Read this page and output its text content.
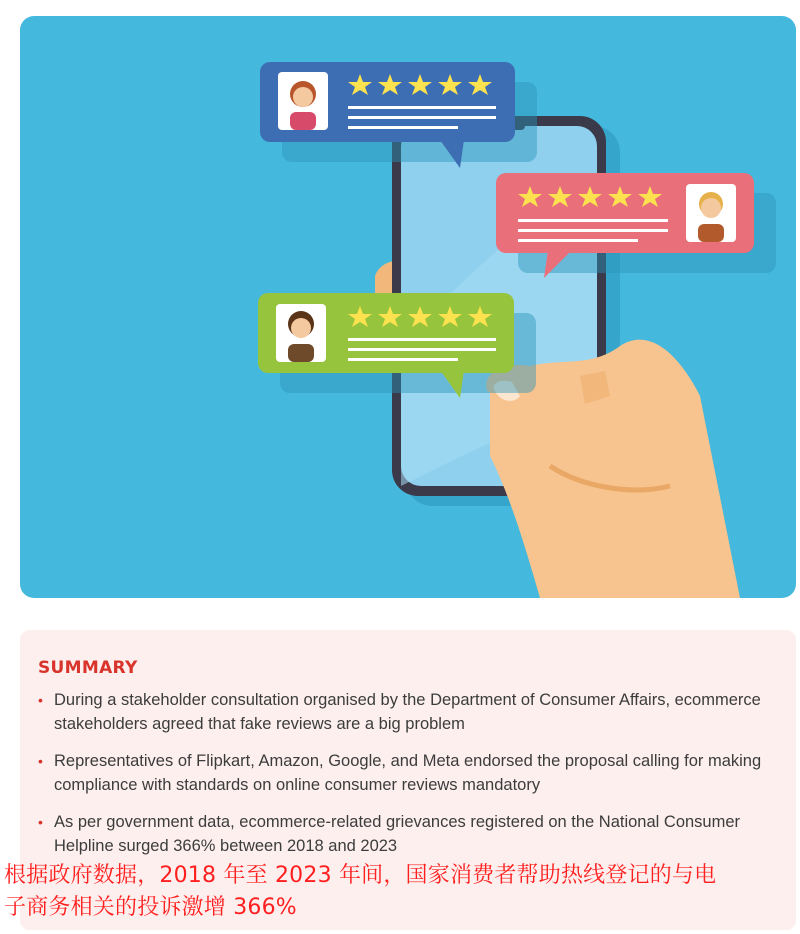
SUMMARY
• During a stakeholder consultation organised by the Department of Consumer Affairs, ecommerce stakeholders agreed that fake reviews are a big problem
• Representatives of Flipkart, Amazon, Google, and Meta endorsed the proposal calling for making compliance with standards on online consumer reviews mandatory
• As per government data, ecommerce-related grievances registered on the National Consumer Helpline surged 366% between 2018 and 2023
根据政府数据，2018 年至 2023 年间，国家消费者帮助热线登记的与电
子商务相关的投诉激增 366%
